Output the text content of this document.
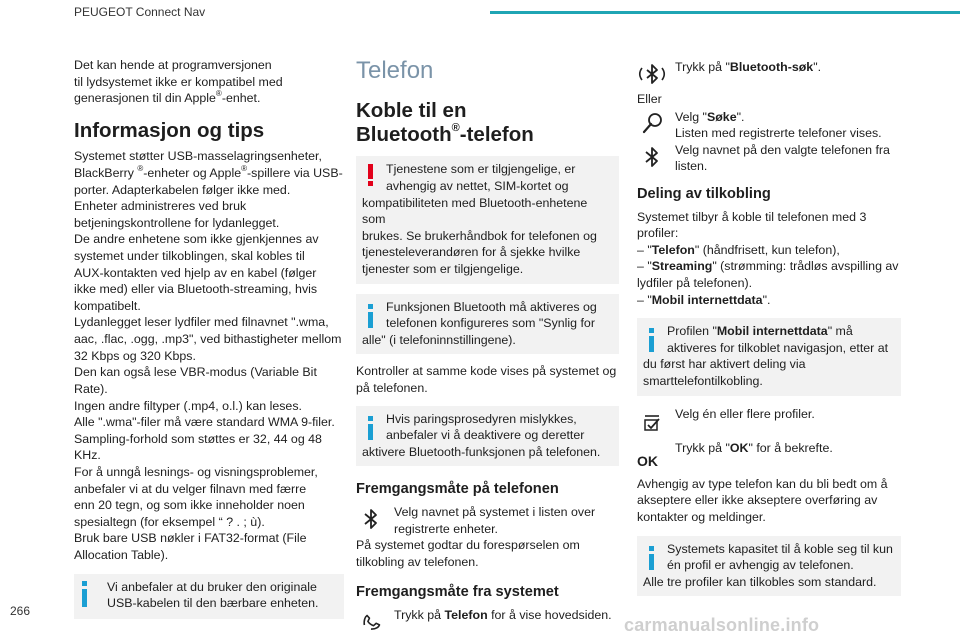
PEUGEOT Connect Nav

Det kan hende at programversjonen
til lydsystemet ikke er kompatibel med
generasjonen til din Apple®-enhet.

Informasjon og tips

Systemet støtter USB-masselagringsenheter,
BlackBerry ®-enheter og Apple®-spillere via USB-
porter. Adapterkabelen følger ikke med.
Enheter administreres ved bruk
betjeningskontrollene for lydanlegget.
De andre enhetene som ikke gjenkjennes av
systemet under tilkoblingen, skal kobles til
AUX-kontakten ved hjelp av en kabel (følger
ikke med) eller via Bluetooth-streaming, hvis
kompatibelt.
Lydanlegget leser lydfiler med filnavnet ".wma,
aac, .flac, .ogg, .mp3", ved bithastigheter mellom
32 Kbps og 320 Kbps.
Den kan også lese VBR-modus (Variable Bit
Rate).
Ingen andre filtyper (.mp4, o.l.) kan leses.
Alle ".wma"-filer må være standard WMA 9-filer.
Sampling-forhold som støttes er 32, 44 og 48
KHz.
For å unngå lesnings- og visningsproblemer,
anbefaler vi at du velger filnavn med færre
enn 20 tegn, og som ikke inneholder noen
spesialtegn (for eksempel “ ? . ; ù).
Bruk bare USB nøkler i FAT32-format (File
Allocation Table).

Vi anbefaler at du bruker den originale
USB-kabelen til den bærbare enheten.
Telefon
Koble til en
Bluetooth®-telefon
Tjenestene som er tilgjengelige, er
avhengig av nettet, SIM-kortet og
kompatibiliteten med Bluetooth-enhetene som
brukes. Se brukerhåndbok for telefonen og
tjenesteleverandøren for å sjekke hvilke
tjenester som er tilgjengelige.
Funksjonen Bluetooth må aktiveres og
telefonen konfigureres som "Synlig for
alle" (i telefoninnstillingene).

Kontroller at samme kode vises på systemet og
på telefonen.

Hvis paringsprosedyren mislykkes,
anbefaler vi å deaktivere og deretter
aktivere Bluetooth-funksjonen på telefonen.
Fremgangsmåte på telefonen
Velg navnet på systemet i listen over
registrerte enheter.

På systemet godtar du forespørselen om
tilkobling av telefonen.

Fremgangsmåte fra systemet
Trykk på Telefon for å vise hovedsiden.
Trykk på "Bluetooth-søk".

Eller

Velg "Søke".
Listen med registrerte telefoner vises.
Velg navnet på den valgte telefonen fra
listen.
Deling av tilkobling

Systemet tilbyr å koble til telefonen med 3
profiler:
– "Telefon" (håndfrisett, kun telefon),
– "Streaming" (strømming: trådløs avspilling av
lydfiler på telefonen).
– "Mobil internettdata".

Profilen "Mobil internettdata" må
aktiveres for tilkoblet navigasjon, etter at
du først har aktivert deling via
smarttelefontilkobling.
Velg én eller flere profiler.
OK
Trykk på "OK" for å bekrefte.

Avhengig av type telefon kan du bli bedt om å
akseptere eller ikke akseptere overføring av
kontakter og meldinger.

Systemets kapasitet til å koble seg til kun
én profil er avhengig av telefonen.
Alle tre profiler kan tilkobles som standard.
266
carmanualsonline.info
